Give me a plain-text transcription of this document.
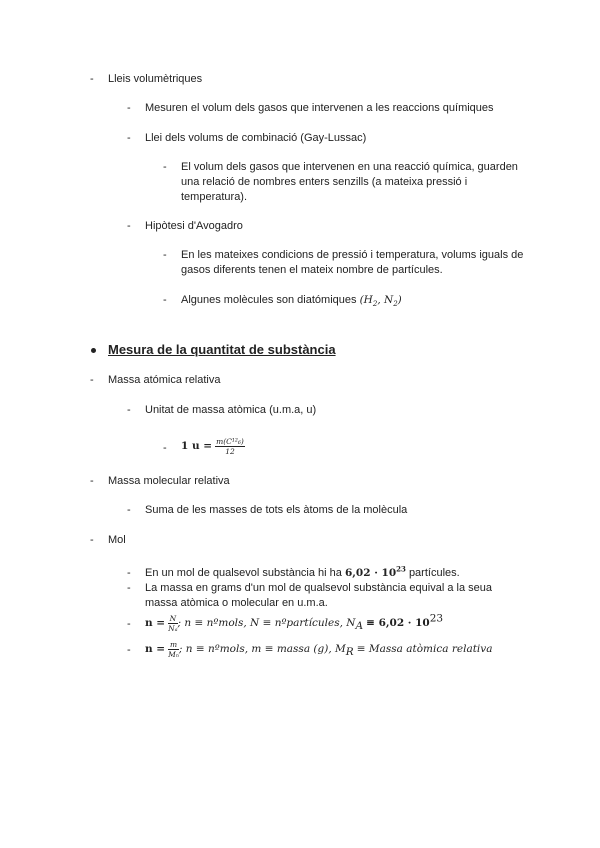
- Lleis volumètriques
- Mesuren el volum dels gasos que intervenen a les reaccions químiques
- Llei dels volums de combinació (Gay-Lussac)
- El volum dels gasos que intervenen en una reacció química, guarden
una relació de nombres enters senzills (a mateixa pressió i
temperatura).
- Hipòtesi d'Avogadro
- En les mateixes condicions de pressió i temperatura, volums iguals de
gasos diferents tenen el mateix nombre de partícules.
- Algunes molècules son diatómiques ($H_2$, $N_2$)
Mesura de la quantitat de substància
- Massa atómica relativa
- Unitat de massa atòmica (u.m.a, u)
- 1 $u = \frac{\text{m(C¹²₆)}}{12}$
- Massa molecular relativa
- Suma de les masses de tots els àtoms de la molècula
- Mol
- En un mol de qualsevol substància hi ha $6,02 \cdot 10^{23}$ partícules.
- La massa en grams d'un mol de qualsevol substància equival a la seua
massa atòmica o molecular en u.m.a.
- $n = \frac{N}{\text{Nₐ}}$ ; n ≡ nºmols, N ≡ nºpartícules, $N_A \equiv 6,02 \cdot 10^{23}$
- $n = \frac{m}{\text{Mₙ}}$ ; n ≡ nºmols, m ≡ massa (g), $M_R$ ≡ Massa atòmica relativa
